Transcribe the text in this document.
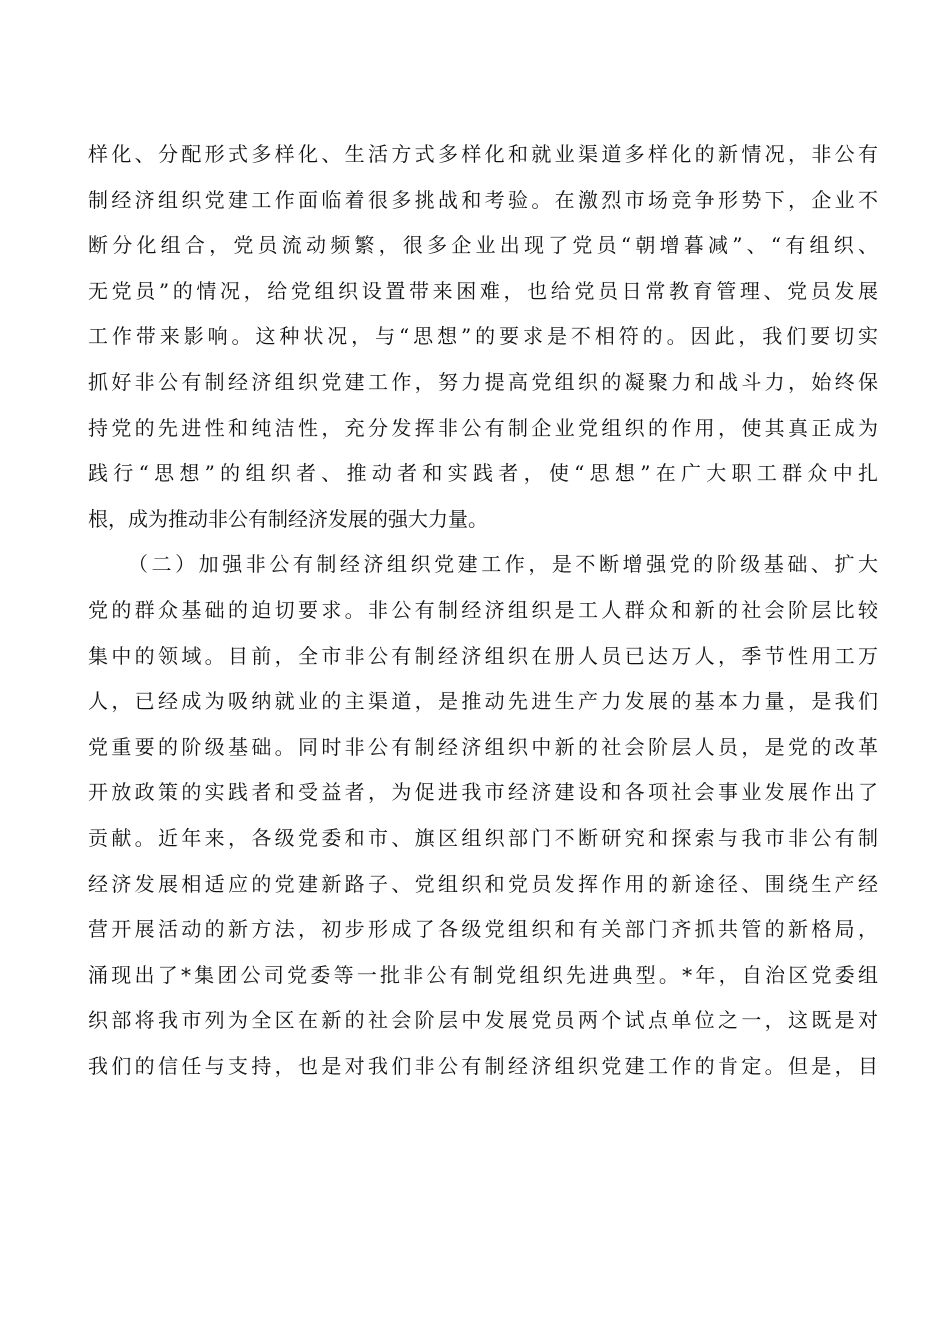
样化、分配形式多样化、生活方式多样化和就业渠道多样化的新情况，非公有
制经济组织党建工作面临着很多挑战和考验。在激烈市场竞争形势下，企业不
断分化组合，党员流动频繁，很多企业出现了党员“朝增暮减”、“有组织、
无党员”的情况，给党组织设置带来困难，也给党员日常教育管理、党员发展
工作带来影响。这种状况，与“思想”的要求是不相符的。因此，我们要切实
抓好非公有制经济组织党建工作，努力提高党组织的凝聚力和战斗力，始终保
持党的先进性和纯洁性，充分发挥非公有制企业党组织的作用，使其真正成为
践行“思想”的组织者、推动者和实践者，使“思想”在广大职工群众中扎
根，成为推动非公有制经济发展的强大力量。
（二）加强非公有制经济组织党建工作，是不断增强党的阶级基础、扩大
党的群众基础的迫切要求。非公有制经济组织是工人群众和新的社会阶层比较
集中的领域。目前，全市非公有制经济组织在册人员已达万人，季节性用工万
人，已经成为吸纳就业的主渠道，是推动先进生产力发展的基本力量，是我们
党重要的阶级基础。同时非公有制经济组织中新的社会阶层人员，是党的改革
开放政策的实践者和受益者，为促进我市经济建设和各项社会事业发展作出了
贡献。近年来，各级党委和市、旗区组织部门不断研究和探索与我市非公有制
经济发展相适应的党建新路子、党组织和党员发挥作用的新途径、围绕生产经
营开展活动的新方法，初步形成了各级党组织和有关部门齐抓共管的新格局，
涌现出了*集团公司党委等一批非公有制党组织先进典型。*年，自治区党委组
织部将我市列为全区在新的社会阶层中发展党员两个试点单位之一，这既是对
我们的信任与支持，也是对我们非公有制经济组织党建工作的肯定。但是，目
